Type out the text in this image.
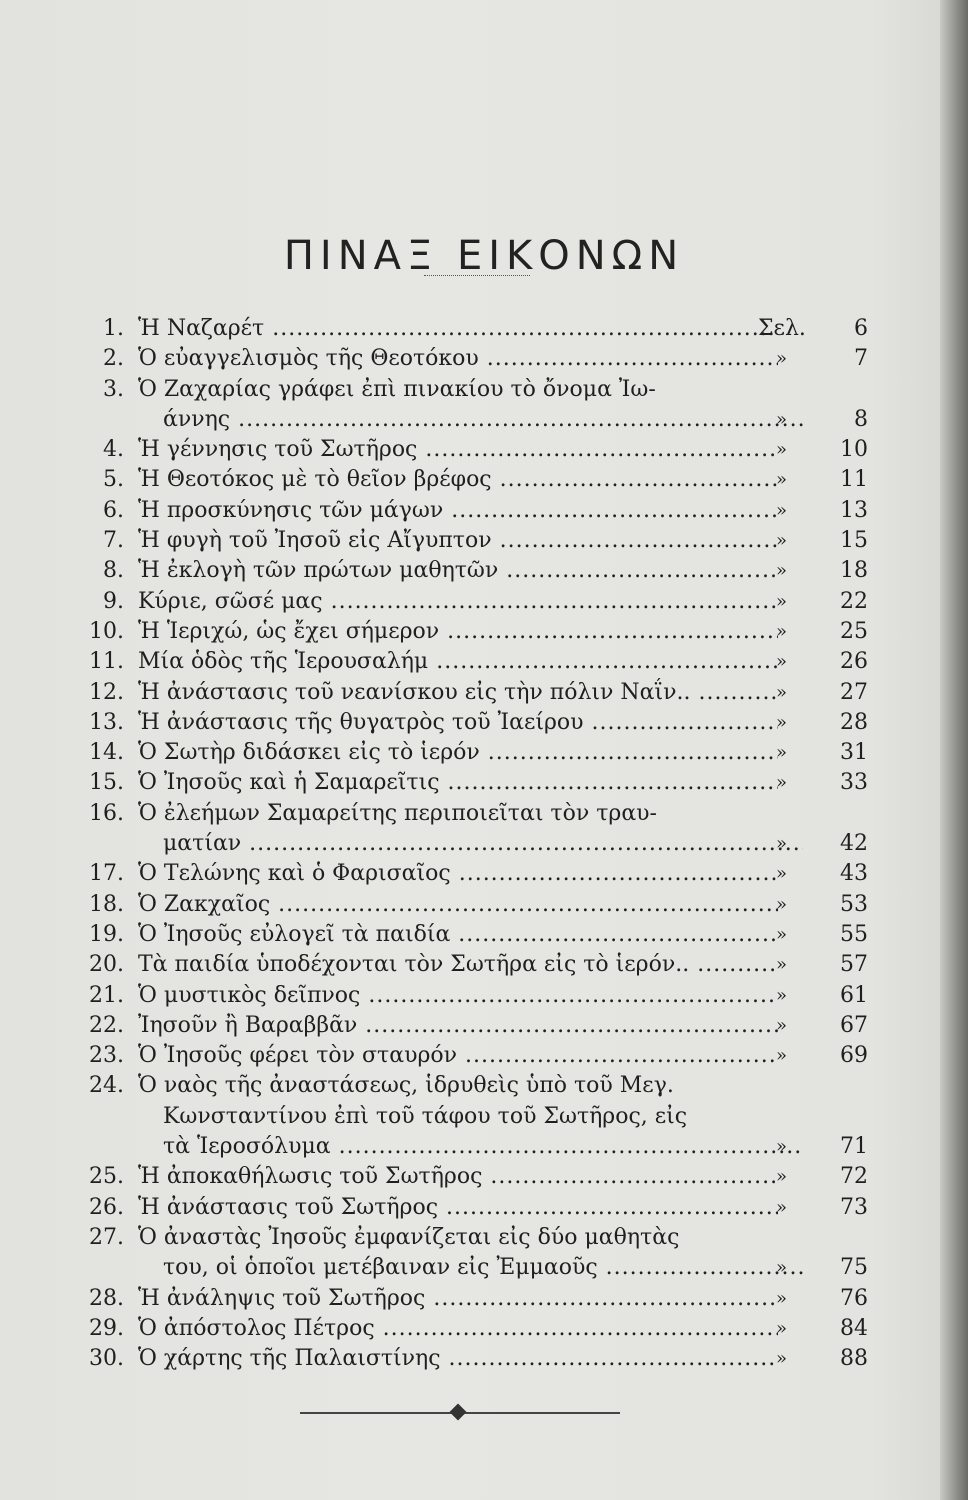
ΠΙΝΑΞ ΕΙΚΟΝΩΝ
1. Ἡ Ναζαρέτ .....	Σελ.	6
2. Ὁ εὐαγγελισμὸς τῆς Θεοτόκου .....	»	7
3. Ὁ Ζαχαρίας γράφει ἐπὶ πινακίου τὸ ὄνομα Ἰω-
άννης .....	»	8
4. Ἡ γέννησις τοῦ Σωτῆρος .....	»	10
5. Ἡ Θεοτόκος μὲ τὸ θεῖον βρέφος .....	»	11
6. Ἡ προσκύνησις τῶν μάγων .....	»	13
7. Ἡ φυγὴ τοῦ Ἰησοῦ εἰς Αἴγυπτον .....	»	15
8. Ἡ ἐκλογὴ τῶν πρώτων μαθητῶν .....	»	18
9. Κύριε, σῶσέ μας .....	»	22
10. Ἡ Ἱεριχώ, ὡς ἔχει σήμερον .....	»	25
11. Μία ὁδὸς τῆς Ἱερουσαλήμ .....	»	26
12. Ἡ ἀνάστασις τοῦ νεανίσκου εἰς τὴν πόλιν Ναΐν.. .....	»	27
13. Ἡ ἀνάστασις τῆς θυγατρὸς τοῦ Ἰαείρου .....	»	28
14. Ὁ Σωτὴρ διδάσκει εἰς τὸ ἱερόν .....	»	31
15. Ὁ Ἰησοῦς καὶ ἡ Σαμαρεῖτις .....	»	33
16. Ὁ ἐλεήμων Σαμαρείτης περιποιεῖται τὸν τραυ-
ματίαν .....	»	42
17. Ὁ Τελώνης καὶ ὁ Φαρισαῖος .....	»	43
18. Ὁ Ζακχαῖος .....	»	53
19. Ὁ Ἰησοῦς εὐλογεῖ τὰ παιδία .....	»	55
20. Τὰ παιδία ὑποδέχονται τὸν Σωτῆρα εἰς τὸ ἱερόν.. .....	»	57
21. Ὁ μυστικὸς δεῖπνος .....	»	61
22. Ἰησοῦν ἢ Βαραββᾶν .....	»	67
23. Ὁ Ἰησοῦς φέρει τὸν σταυρόν .....	»	69
24. Ὁ ναὸς τῆς ἀναστάσεως, ἱδρυθεὶς ὑπὸ τοῦ Μεγ.
Κωνσταντίνου ἐπὶ τοῦ τάφου τοῦ Σωτῆρος, εἰς
τὰ Ἱεροσόλυμα .....	»	71
25. Ἡ ἀποκαθήλωσις τοῦ Σωτῆρος .....	»	72
26. Ἡ ἀνάστασις τοῦ Σωτῆρος .....	»	73
27. Ὁ ἀναστὰς Ἰησοῦς ἐμφανίζεται εἰς δύο μαθητὰς
του, οἱ ὁποῖοι μετέβαιναν εἰς Ἐμμαοῦς .....	»	75
28. Ἡ ἀνάληψις τοῦ Σωτῆρος .....	»	76
29. Ὁ ἀπόστολος Πέτρος .....	»	84
30. Ὁ χάρτης τῆς Παλαιστίνης .....	»	88
